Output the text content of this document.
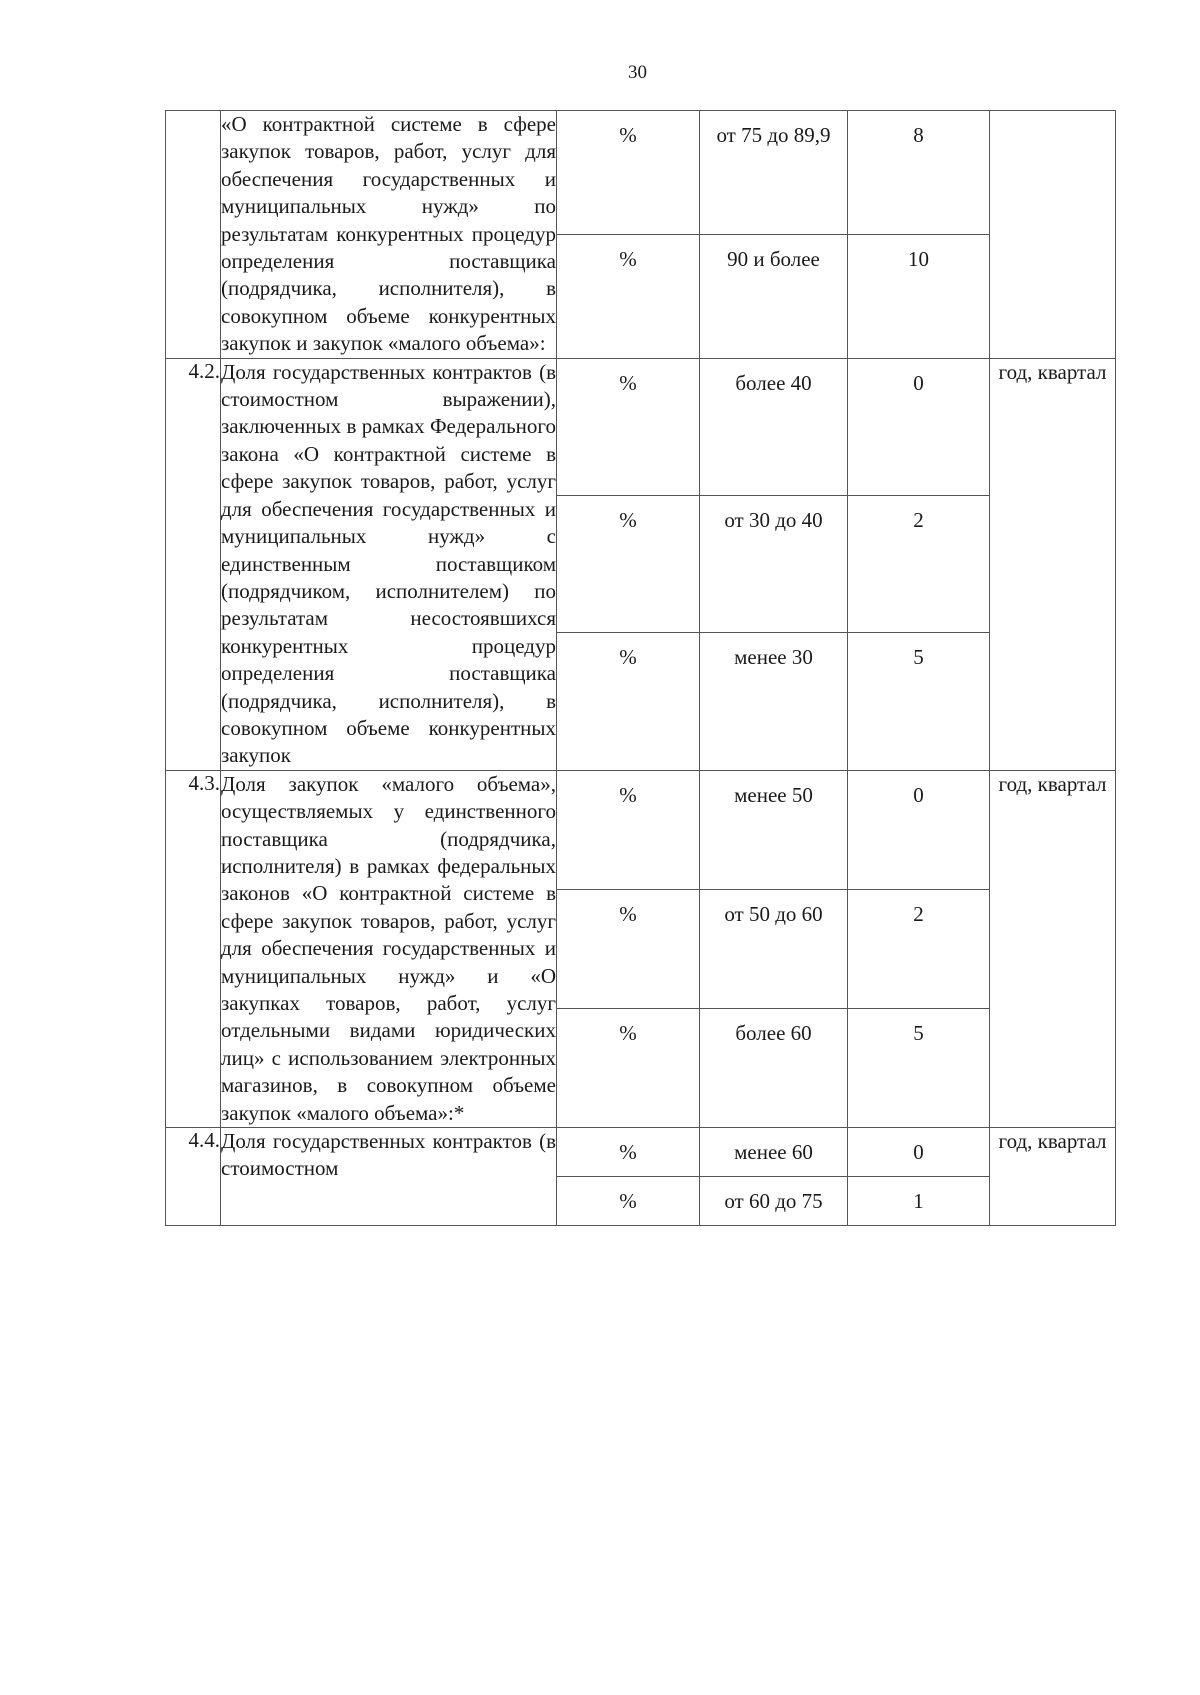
30
	«О контрактной системе в сфере закупок товаров, работ, услуг для обеспечения государственных и муниципальных нужд» по результатам конкурентных процедур определения поставщика (подрядчика, исполнителя), в совокупном объеме конкурентных закупок и закупок «малого объема»:	%	от 75 до 89,9	8	

		%	90 и более	10	

4.2.	Доля государственных контрактов (в стоимостном выражении), заключенных в рамках Федерального закона «О контрактной системе в сфере закупок товаров, работ, услуг для обеспечения государственных и муниципальных нужд» с единственным поставщиком (подрядчиком, исполнителем) по результатам несостоявшихся конкурентных процедур определения поставщика (подрядчика, исполнителя), в совокупном объеме конкурентных закупок	%	более 40	0	год, квартал

		%	от 30 до 40	2	

		%	менее 30	5	

4.3.	Доля закупок «малого объема», осуществляемых у единственного поставщика (подрядчика, исполнителя) в рамках федеральных законов «О контрактной системе в сфере закупок товаров, работ, услуг для обеспечения государственных и муниципальных нужд» и «О закупках товаров, работ, услуг отдельными видами юридических лиц» с использованием электронных магазинов, в совокупном объеме закупок «малого объема»:*	%	менее 50	0	год, квартал

		%	от 50 до 60	2	

		%	более 60	5	

4.4.	Доля государственных контрактов (в стоимостном	%	менее 60	0	год, квартал

		%	от 60 до 75	1	
